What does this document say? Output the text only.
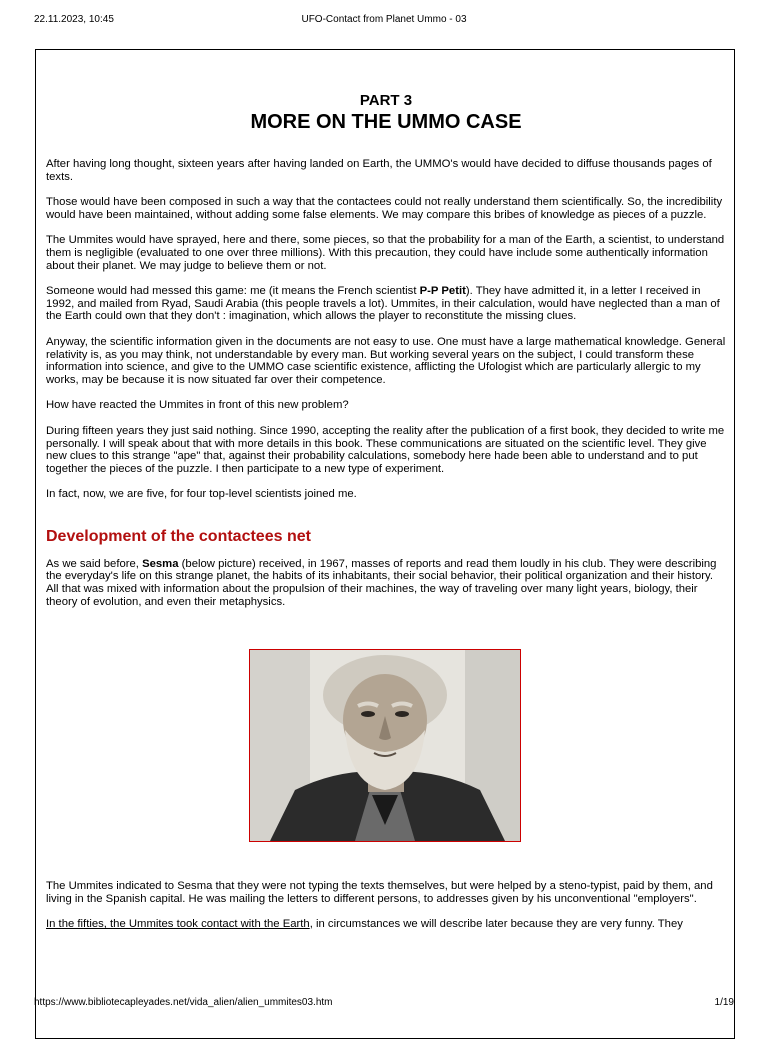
22.11.2023, 10:45	UFO-Contact from Planet Ummo - 03
PART 3
MORE ON THE UMMO CASE

After having long thought, sixteen years after having landed on Earth, the UMMO's would have decided to diffuse thousands pages of texts.

Those would have been composed in such a way that the contactees could not really understand them scientifically. So, the incredibility would have been maintained, without adding some false elements. We may compare this bribes of knowledge as pieces of a puzzle.

The Ummites would have sprayed, here and there, some pieces, so that the probability for a man of the Earth, a scientist, to understand them is negligible (evaluated to one over three millions). With this precaution, they could have include some authentically information about their planet. We may judge to believe them or not.

Someone would had messed this game: me (it means the French scientist P-P Petit). They have admitted it, in a letter I received in 1992, and mailed from Ryad, Saudi Arabia (this people travels a lot). Ummites, in their calculation, would have neglected than a man of the Earth could own that they don't : imagination, which allows the player to reconstitute the missing clues.

Anyway, the scientific information given in the documents are not easy to use. One must have a large mathematical knowledge. General relativity is, as you may think, not understandable by every man. But working several years on the subject, I could transform these information into science, and give to the UMMO case scientific existence, afflicting the Ufologist which are particularly allergic to my works, may be because it is now situated far over their competence.

How have reacted the Ummites in front of this new problem?

During fifteen years they just said nothing. Since 1990, accepting the reality after the publication of a first book, they decided to write me personally. I will speak about that with more details in this book. These communications are situated on the scientific level. They give new clues to this strange "ape" that, against their probability calculations, somebody here hade been able to understand and to put together the pieces of the puzzle. I then participate to a new type of experiment.

In fact, now, we are five, for four top-level scientists joined me.

Development of the contactees net

As we said before, Sesma (below picture) received, in 1967, masses of reports and read them loudly in his club. They were describing the everyday's life on this strange planet, the habits of its inhabitants, their social behavior, their political organization and their history. All that was mixed with information about the propulsion of their machines, the way of traveling over many light years, biology, their theory of evolution, and even their metaphysics.

The Ummites indicated to Sesma that they were not typing the texts themselves, but were helped by a steno-typist, paid by them, and living in the Spanish capital. He was mailing the letters to different persons, to addresses given by his unconventional "employers".

In the fifties, the Ummites took contact with the Earth, in circumstances we will describe later because they are very funny. They

https://www.bibliotecapleyades.net/vida_alien/alien_ummites03.htm	1/19
